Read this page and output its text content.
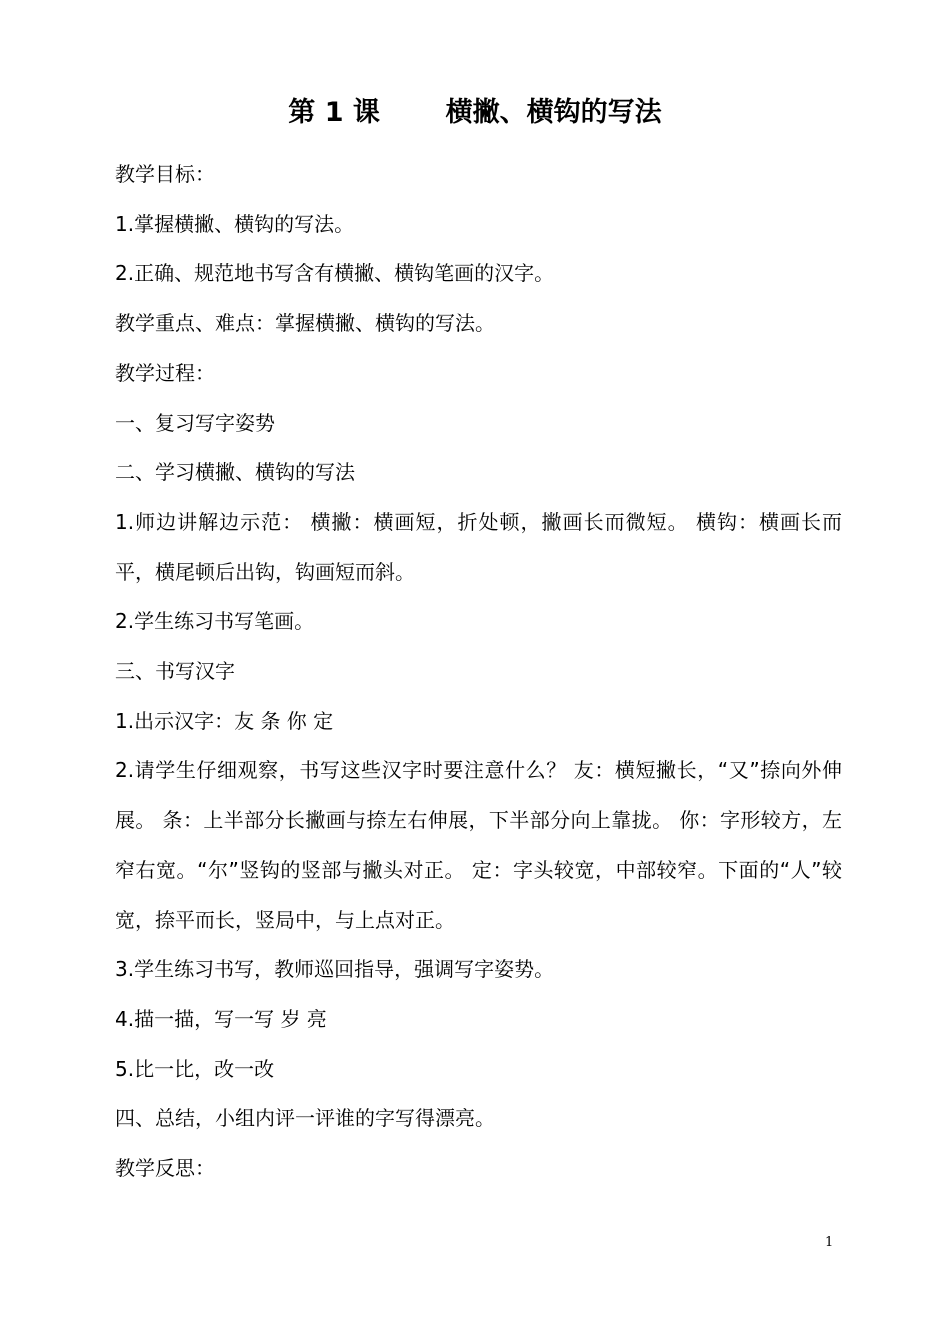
第 1 课       横撇、横钩的写法

教学目标：

1.掌握横撇、横钩的写法。

2.正确、规范地书写含有横撇、横钩笔画的汉字。

教学重点、难点：掌握横撇、横钩的写法。

教学过程：

一、复习写字姿势

二、学习横撇、横钩的写法

1.师边讲解边示范： 横撇：横画短，折处顿，撇画长而微短。 横钩：横画长而平，横尾顿后出钩，钩画短而斜。

2.学生练习书写笔画。

三、书写汉字

1.出示汉字：友 条 你 定

2.请学生仔细观察，书写这些汉字时要注意什么？ 友：横短撇长，“又”捺向外伸展。 条：上半部分长撇画与捺左右伸展，下半部分向上靠拢。 你：字形较方，左窄右宽。“尔”竖钩的竖部与撇头对正。 定：字头较宽，中部较窄。下面的“人”较宽，捺平而长，竖局中，与上点对正。

3.学生练习书写，教师巡回指导，强调写字姿势。

4.描一描，写一写 岁 亮

5.比一比，改一改

四、总结，小组内评一评谁的字写得漂亮。

教学反思：

1
